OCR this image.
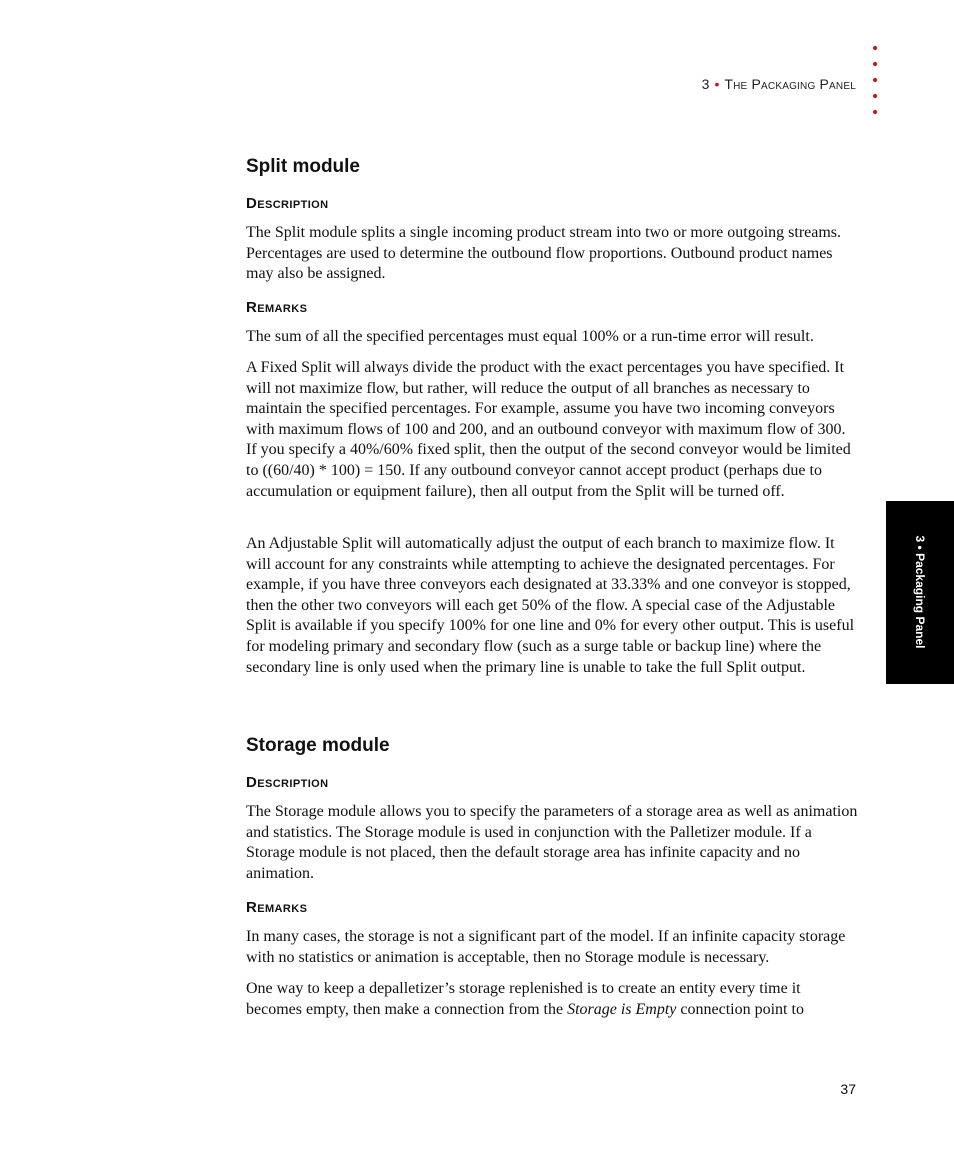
3 • The Packaging Panel
3 • Packaging Panel
Split module
Description

The Split module splits a single incoming product stream into two or more outgoing streams. Percentages are used to determine the outbound flow proportions. Outbound product names may also be assigned.

Remarks

The sum of all the specified percentages must equal 100% or a run-time error will result.

A Fixed Split will always divide the product with the exact percentages you have specified. It will not maximize flow, but rather, will reduce the output of all branches as necessary to maintain the specified percentages. For example, assume you have two incoming conveyors with maximum flows of 100 and 200, and an outbound conveyor with maximum flow of 300. If you specify a 40%/60% fixed split, then the output of the second conveyor would be limited to ((60/40) * 100) = 150. If any outbound conveyor cannot accept product (perhaps due to accumulation or equipment failure), then all output from the Split will be turned off.

An Adjustable Split will automatically adjust the output of each branch to maximize flow. It will account for any constraints while attempting to achieve the designated percentages. For example, if you have three conveyors each designated at 33.33% and one conveyor is stopped, then the other two conveyors will each get 50% of the flow. A special case of the Adjustable Split is available if you specify 100% for one line and 0% for every other output. This is useful for modeling primary and secondary flow (such as a surge table or backup line) where the secondary line is only used when the primary line is unable to take the full Split output.

Storage module
Description

The Storage module allows you to specify the parameters of a storage area as well as animation and statistics. The Storage module is used in conjunction with the Palletizer module. If a Storage module is not placed, then the default storage area has infinite capacity and no animation.

Remarks

In many cases, the storage is not a significant part of the model. If an infinite capacity storage with no statistics or animation is acceptable, then no Storage module is necessary.

One way to keep a depalletizer’s storage replenished is to create an entity every time it becomes empty, then make a connection from the Storage is Empty connection point to

37
